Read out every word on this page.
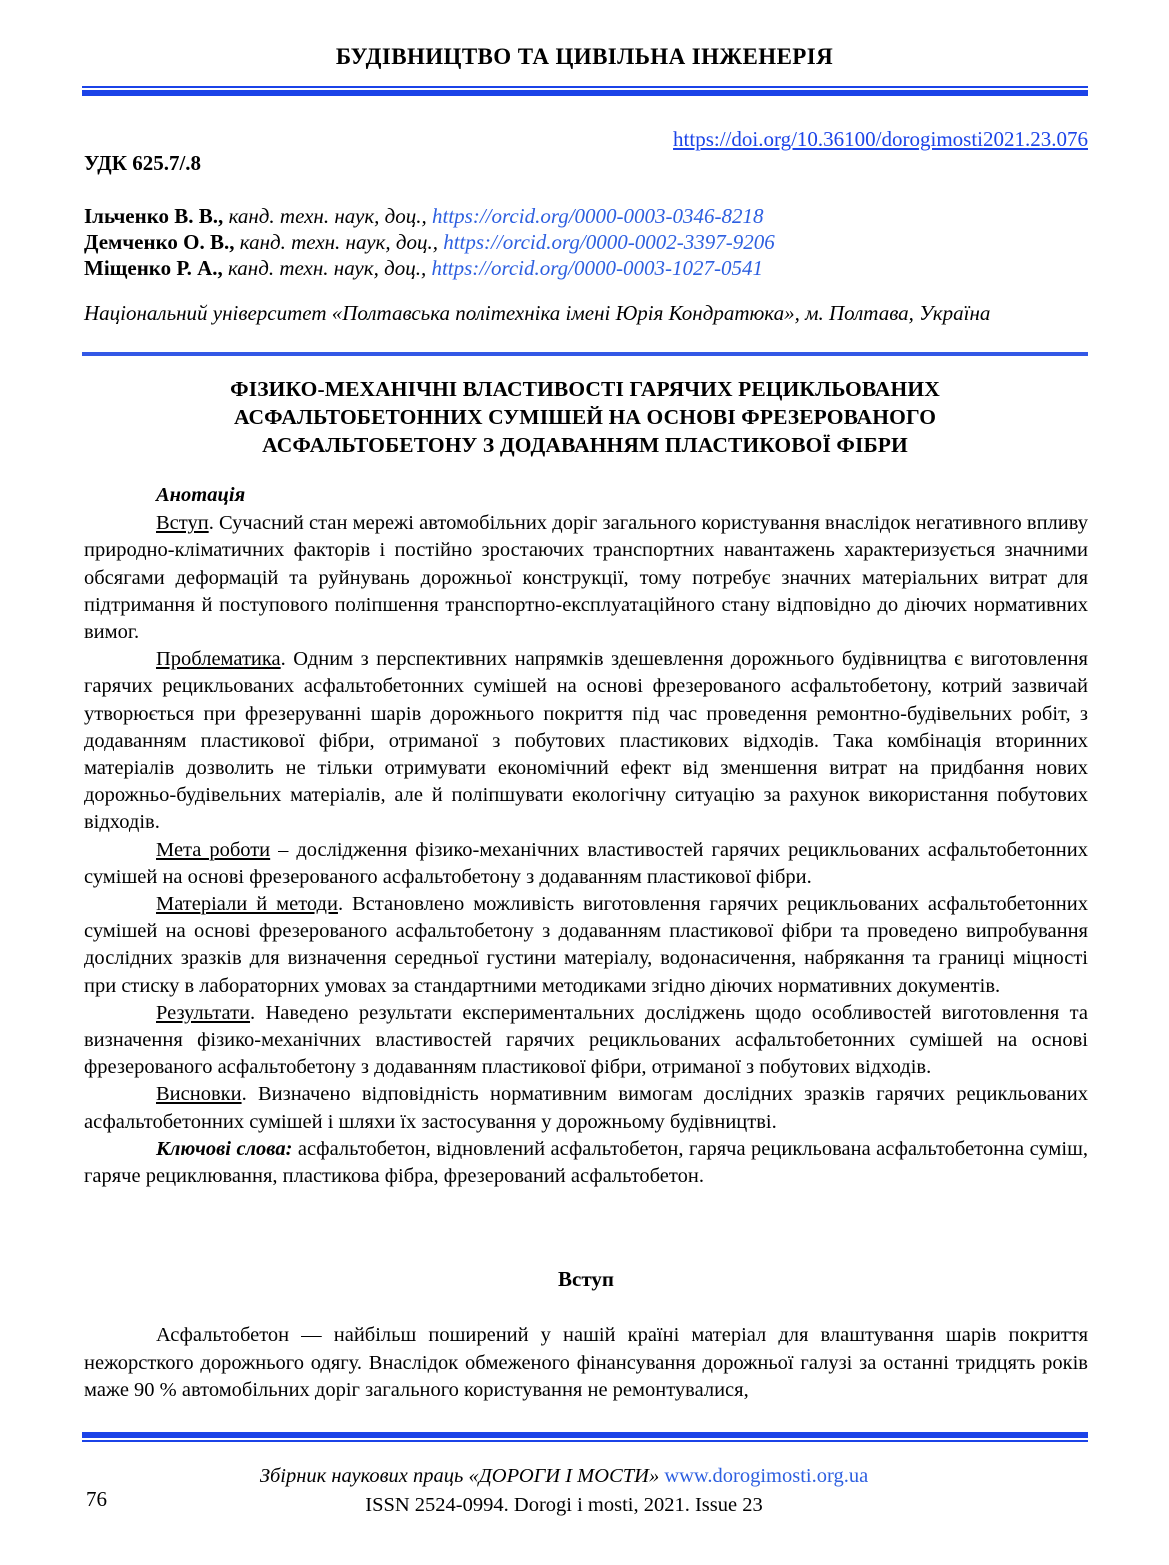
БУДІВНИЦТВО ТА ЦИВІЛЬНА ІНЖЕНЕРІЯ
https://doi.org/10.36100/dorogimosti2021.23.076
УДК 625.7/.8
Ільченко В. В., канд. техн. наук, доц., https://orcid.org/0000-0003-0346-8218
Демченко О. В., канд. техн. наук, доц., https://orcid.org/0000-0002-3397-9206
Міщенко Р. А., канд. техн. наук, доц., https://orcid.org/0000-0003-1027-0541
Національний університет «Полтавська політехніка імені Юрія Кондратюка», м. Полтава, Україна
ФІЗИКО-МЕХАНІЧНІ ВЛАСТИВОСТІ ГАРЯЧИХ РЕЦИКЛЬОВАНИХ АСФАЛЬТОБЕТОННИХ СУМІШЕЙ НА ОСНОВІ ФРЕЗЕРОВАНОГО АСФАЛЬТОБЕТОНУ З ДОДАВАННЯМ ПЛАСТИКОВОЇ ФІБРИ
Анотація

Вступ. Сучасний стан мережі автомобільних доріг загального користування внаслідок негативного впливу природно-кліматичних факторів і постійно зростаючих транспортних навантажень характеризується значними обсягами деформацій та руйнувань дорожньої конструкції, тому потребує значних матеріальних витрат для підтримання й поступового поліпшення транспортно-експлуатаційного стану відповідно до діючих нормативних вимог.

Проблематика. Одним з перспективних напрямків здешевлення дорожнього будівництва є виготовлення гарячих рецикльованих асфальтобетонних сумішей на основі фрезерованого асфальтобетону, котрий зазвичай утворюється при фрезеруванні шарів дорожнього покриття під час проведення ремонтно-будівельних робіт, з додаванням пластикової фібри, отриманої з побутових пластикових відходів. Така комбінація вторинних матеріалів дозволить не тільки отримувати економічний ефект від зменшення витрат на придбання нових дорожньо-будівельних матеріалів, але й поліпшувати екологічну ситуацію за рахунок використання побутових відходів.

Мета роботи – дослідження фізико-механічних властивостей гарячих рецикльованих асфальтобетонних сумішей на основі фрезерованого асфальтобетону з додаванням пластикової фібри.

Матеріали й методи. Встановлено можливість виготовлення гарячих рецикльованих асфальтобетонних сумішей на основі фрезерованого асфальтобетону з додаванням пластикової фібри та проведено випробування дослідних зразків для визначення середньої густини матеріалу, водонасичення, набрякання та границі міцності при стиску в лабораторних умовах за стандартними методиками згідно діючих нормативних документів.

Результати. Наведено результати експериментальних досліджень щодо особливостей виготовлення та визначення фізико-механічних властивостей гарячих рецикльованих асфальтобетонних сумішей на основі фрезерованого асфальтобетону з додаванням пластикової фібри, отриманої з побутових відходів.

Висновки. Визначено відповідність нормативним вимогам дослідних зразків гарячих рецикльованих асфальтобетонних сумішей і шляхи їх застосування у дорожньому будівництві.

Ключові слова: асфальтобетон, відновлений асфальтобетон, гаряча рецикльована асфальтобетонна суміш, гаряче рециклювання, пластикова фібра, фрезерований асфальтобетон.

Вступ

Асфальтобетон — найбільш поширений у нашій країні матеріал для влаштування шарів покриття нежорсткого дорожнього одягу. Внаслідок обмеженого фінансування дорожньої галузі за останні тридцять років маже 90 % автомобільних доріг загального користування не ремонтувалися,

Збірник наукових праць «ДОРОГИ І МОСТИ» www.dorogimosti.org.ua
ISSN 2524-0994. Dorogi i mosti, 2021. Issue 23
76
